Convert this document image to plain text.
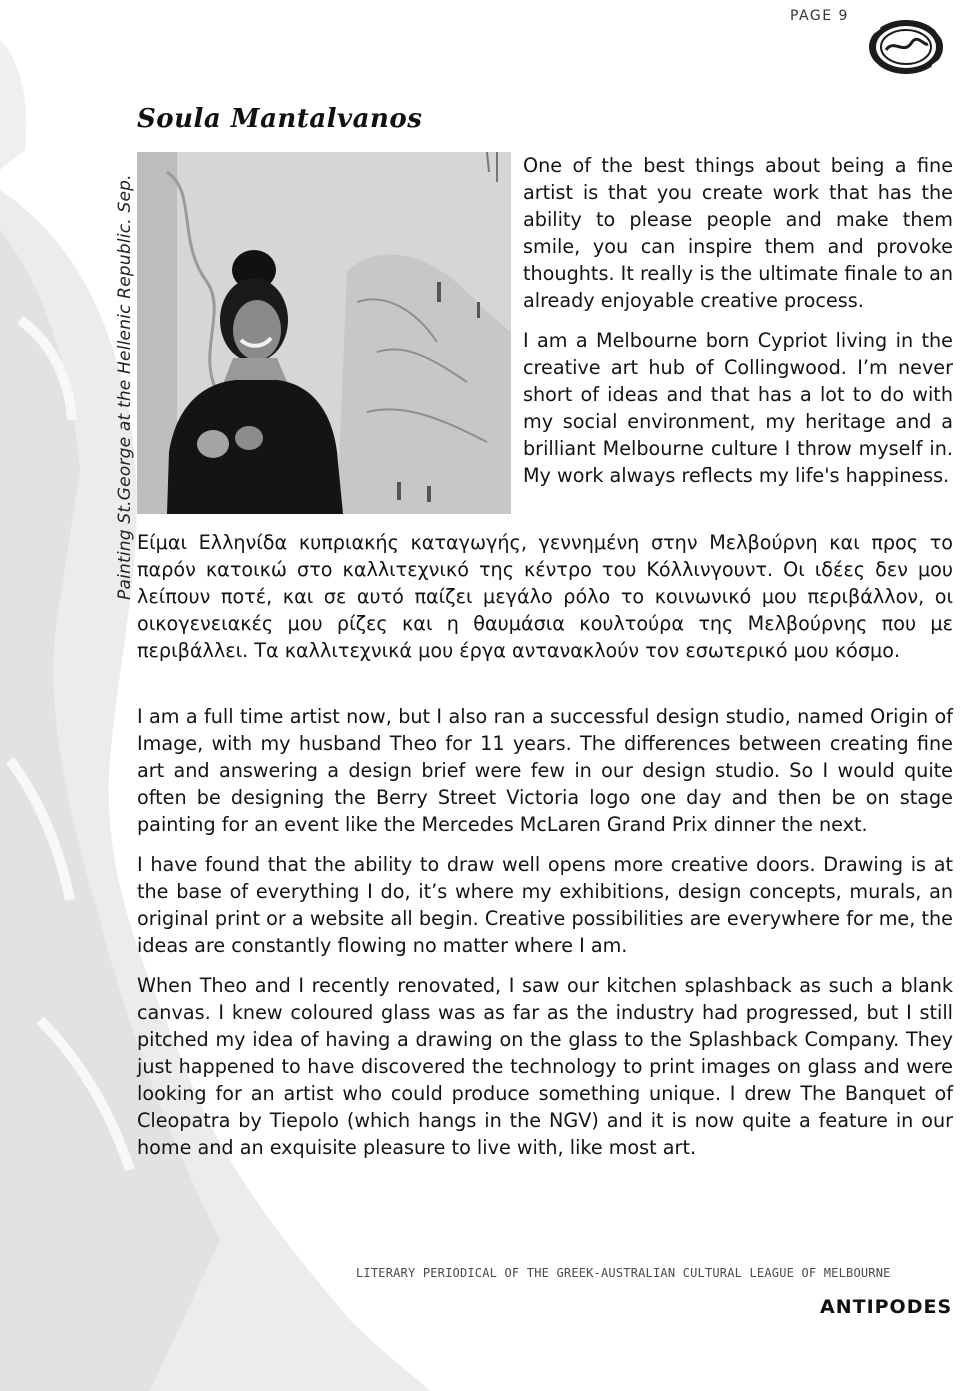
PAGE 9
Painting St.George at the Hellenic Republic. Sep.
Soula Mantalvanos

One of the best things about being a fine artist is that you create work that has the ability to please people and make them smile, you can inspire them and provoke thoughts. It really is the ultimate finale to an already enjoyable creative process.

I am a Melbourne born Cypriot living in the creative art hub of Collingwood. I’m never short of ideas and that has a lot to do with my social environment, my heritage and a brilliant Melbourne culture I throw myself in. My work always reflects my life's happiness.

Είμαι Ελληνίδα κυπριακής καταγωγής, γεννημένη στην Μελβούρνη και προς το παρόν κατοικώ στο καλλιτεχνικό της κέντρο του Κόλλινγουντ. Οι ιδέες δεν μου λείπουν ποτέ, και σε αυτό παίζει μεγάλο ρόλο το κοινωνικό μου περιβάλλον, οι οικογενειακές μου ρίζες και η θαυμάσια κουλτούρα της Μελβούρνης που με περιβάλλει. Τα καλλιτεχνικά μου έργα αντανακλούν τον εσωτερικό μου κόσμο.

I am a full time artist now, but I also ran a successful design studio, named Origin of Image, with my husband Theo for 11 years. The differences between creating fine art and answering a design brief were few in our design studio. So I would quite often be designing the Berry Street Victoria logo one day and then be on stage painting for an event like the Mercedes McLaren Grand Prix dinner the next.

I have found that the ability to draw well opens more creative doors. Drawing is at the base of everything I do, it’s where my exhibitions, design concepts, murals, an original print or a website all begin. Creative possibilities are everywhere for me, the ideas are constantly flowing no matter where I am.

When Theo and I recently renovated, I saw our kitchen splashback as such a blank canvas. I knew coloured glass was as far as the industry had progressed, but I still pitched my idea of having a drawing on the glass to the Splashback Company. They just happened to have discovered the technology to print images on glass and were looking for an artist who could produce something unique. I drew The Banquet of Cleopatra by Tiepolo (which hangs in the NGV) and it is now quite a feature in our home and an exquisite pleasure to live with, like most art.

LITERARY PERIODICAL OF THE GREEK-AUSTRALIAN CULTURAL LEAGUE OF MELBOURNE
ANTIPODES
